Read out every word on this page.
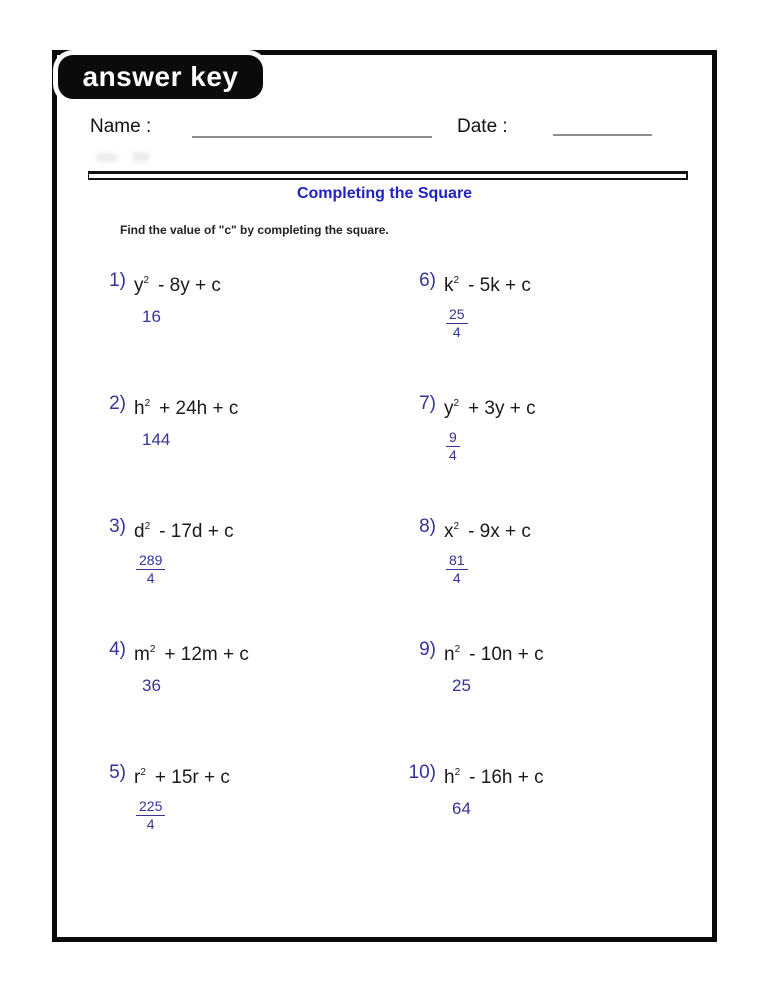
answer key
Name :	Date :
Completing the Square
Find the value of "c" by completing the square.
1) $y^2 - 8y + c$
16
2) $h^2 + 24h + c$
144
3) $d^2 - 17d + c$
$\frac{289}{4}$
4) $m^2 + 12m + c$
36
5) $r^2 + 15r + c$
$\frac{225}{4}$
6) $k^2 - 5k + c$
$\frac{25}{4}$
7) $y^2 + 3y + c$
$\frac{9}{4}$
8) $x^2 - 9x + c$
$\frac{81}{4}$
9) $n^2 - 10n + c$
25
10) $h^2 - 16h + c$
64
